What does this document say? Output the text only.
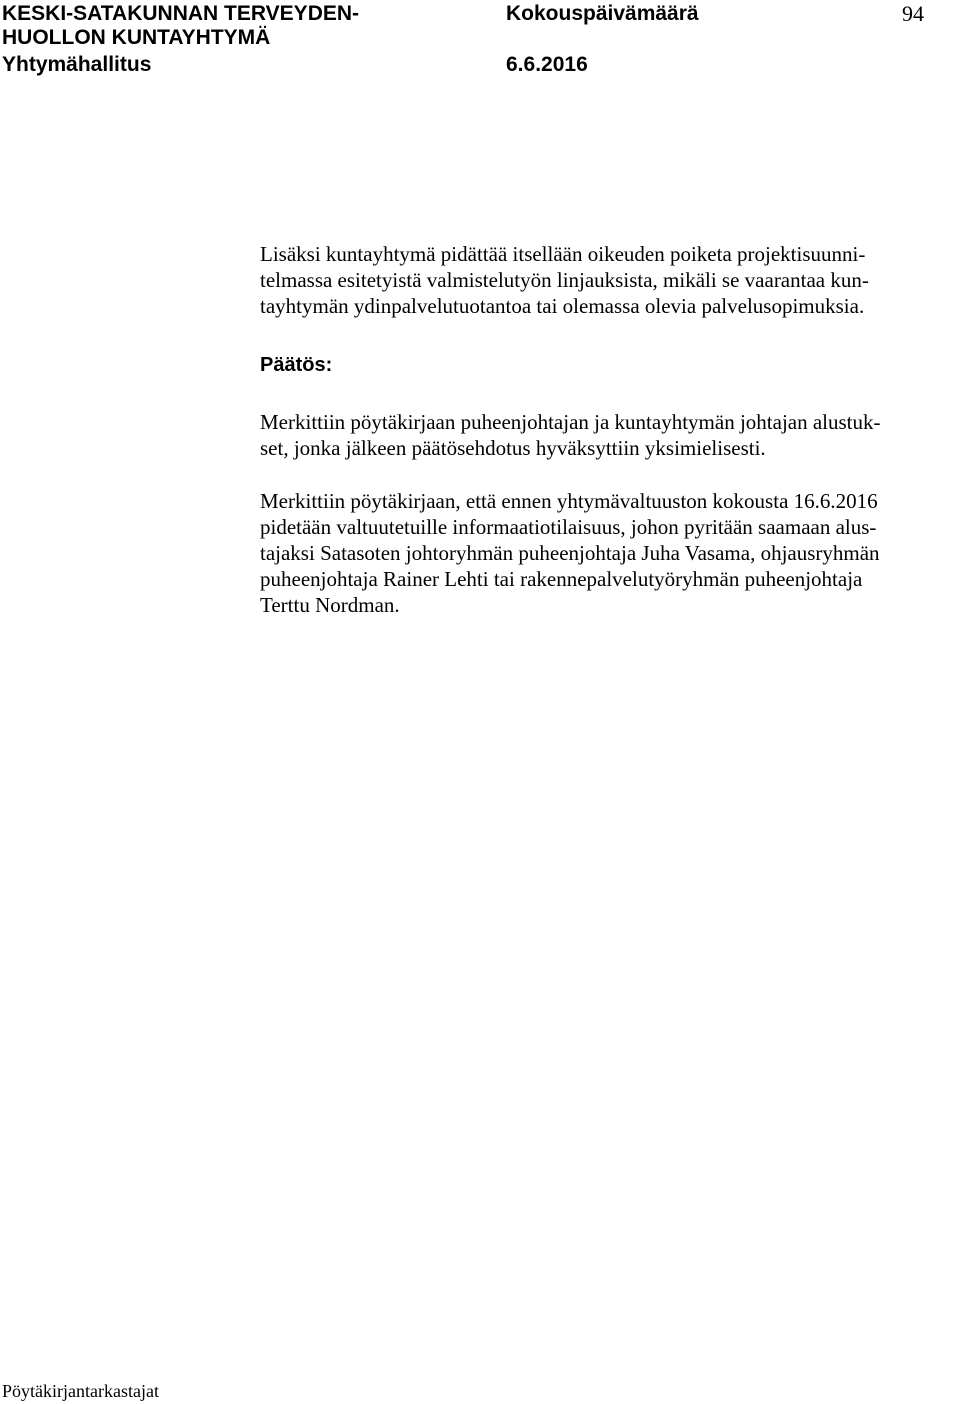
KESKI-SATAKUNNAN TERVEYDEN-
HUOLLON KUNTAYHTYMÄ
Yhtymähallitus
Kokouspäivämäärä
6.6.2016
94
Lisäksi kuntayhtymä pidättää itsellään oikeuden poiketa projektisuunni-
telmassa esitetyistä valmistelutyön linjauksista, mikäli se vaarantaa kun-
tayhtymän ydinpalvelutuotantoa tai olemassa olevia palvelusopimuksia.
Päätös:
Merkittiin pöytäkirjaan puheenjohtajan ja kuntayhtymän johtajan alustuk-
set, jonka jälkeen päätösehdotus hyväksyttiin yksimielisesti.
Merkittiin pöytäkirjaan, että ennen yhtymävaltuuston kokousta 16.6.2016
pidetään valtuutetuille informaatiotilaisuus, johon pyritään saamaan alus-
tajaksi Satasoten johtoryhmän puheenjohtaja Juha Vasama, ohjausryhmän
puheenjohtaja Rainer Lehti tai rakennepalvelutyöryhmän puheenjohtaja
Terttu Nordman.
Pöytäkirjantarkastajat
